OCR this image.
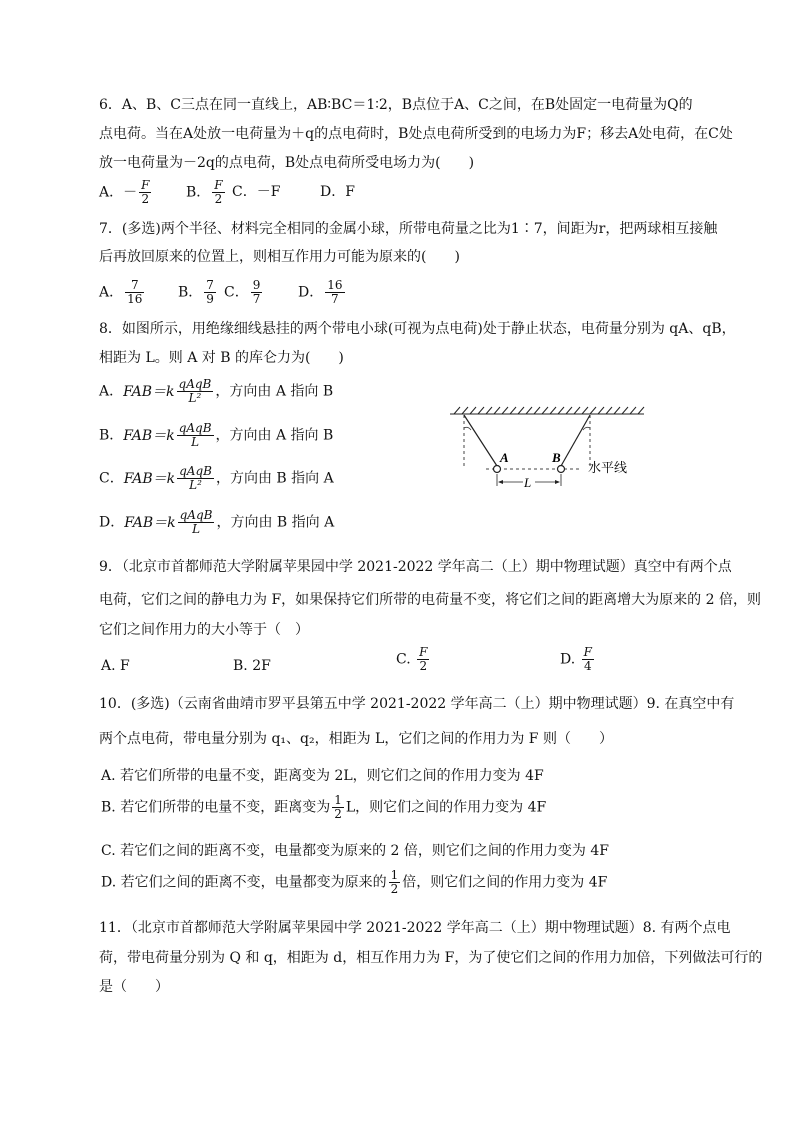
6．A、B、C三点在同一直线上，AB∶BC＝1∶2，B点位于A、C之间，在B处固定一电荷量为Q的
点电荷。当在A处放一电荷量为＋q的点电荷时，B处点电荷所受到的电场力为F；移去A处电荷，在C处
放一电荷量为－2q的点电荷，B处点电荷所受电场力为(　　)
A．－ $\frac{F}{2}$ B． $\frac{F}{2}$ C．－F	D．F
7．(多选)两个半径、材料完全相同的金属小球，所带电荷量之比为1∶7，间距为r，把两球相互接触
后再放回原来的位置上，则相互作用力可能为原来的(　　)
A． $\frac{7}{16}$ B． $\frac{7}{9}$ C． $\frac{9}{7}$	D． $\frac{16}{7}$
8．如图所示，用绝缘细线悬挂的两个带电小球(可视为点电荷)处于静止状态，电荷量分别为 qA、qB，
相距为 L。则 A 对 B 的库仑力为(　　)
A．$FAB=k \frac{\text{qAqB}}{\text{L²}}$ ，方向由 A 指向 B
B．$FAB=k \frac{\text{qAqB}}{L}$ ，方向由 A 指向 B
C．$FAB=k \frac{\text{qAqB}}{\text{L²}}$ ，方向由 B 指向 A
D．$FAB=k \frac{\text{qAqB}}{L}$ ，方向由 B 指向 A
A	B
L
水平线
9．（北京市首都师范大学附属苹果园中学 2021-2022 学年高二（上）期中物理试题）真空中有两个点
电荷，它们之间的静电力为 F，如果保持它们所带的电荷量不变，将它们之间的距离增大为原来的 2 倍，则
它们之间作用力的大小等于（　）
A. F	B. 2F	C. $\frac{F}{2}$	D. $\frac{F}{4}$
10．(多选)（云南省曲靖市罗平县第五中学 2021-2022 学年高二（上）期中物理试题）9. 在真空中有
两个点电荷，带电量分别为 q₁、q₂，相距为 L，它们之间的作用力为 F 则（　　）
A. 若它们所带的电量不变，距离变为 2L，则它们之间的作用力变为 4F
B. 若它们所带的电量不变，距离变为 $\frac{1}{2}$ L，则它们之间的作用力变为 4F
C. 若它们之间的距离不变，电量都变为原来的 2 倍，则它们之间的作用力变为 4F
D. 若它们之间的距离不变，电量都变为原来的 $\frac{1}{2}$ 倍，则它们之间的作用力变为 4F
11．（北京市首都师范大学附属苹果园中学 2021-2022 学年高二（上）期中物理试题）8. 有两个点电
荷，带电荷量分别为 Q 和 q，相距为 d，相互作用力为 F，为了使它们之间的作用力加倍，下列做法可行的
是（　　）
